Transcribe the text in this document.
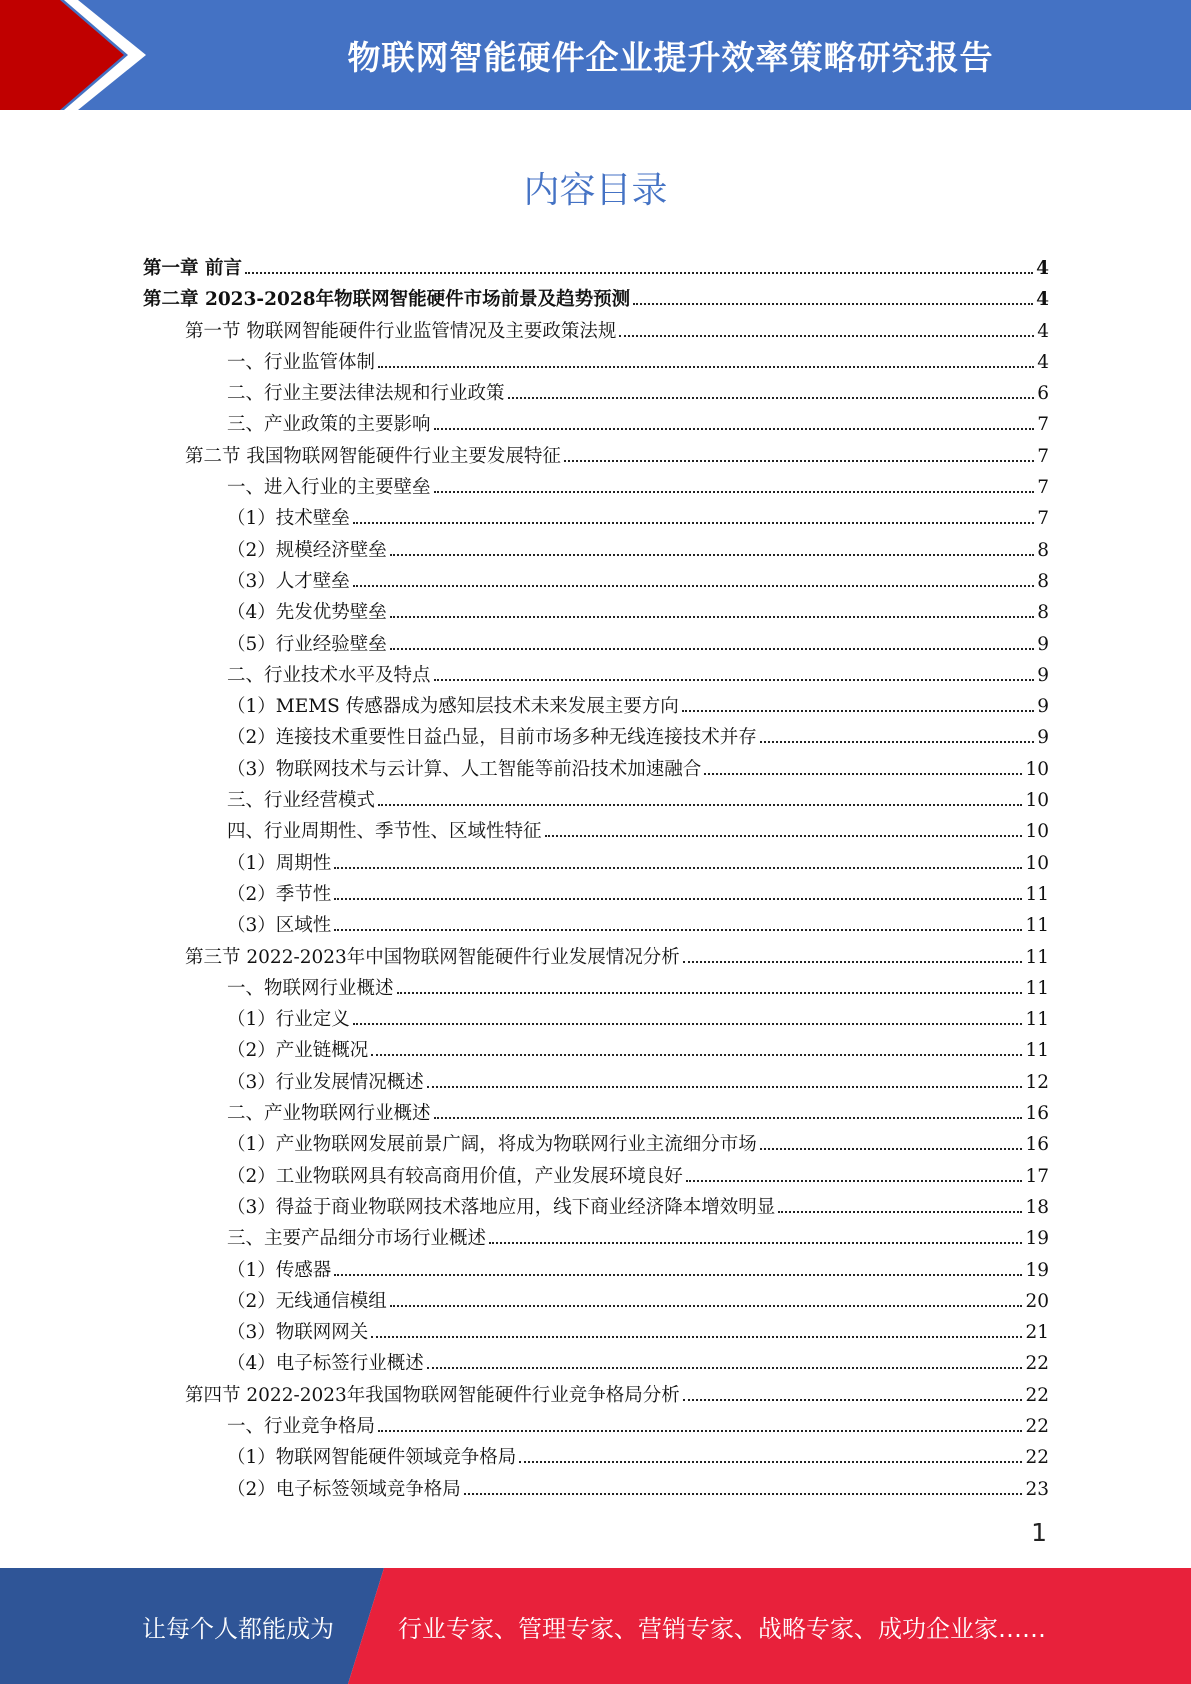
物联网智能硬件企业提升效率策略研究报告
内容目录
第一章 前言	4
第二章 2023-2028年物联网智能硬件市场前景及趋势预测	4
第一节 物联网智能硬件行业监管情况及主要政策法规	4
一、行业监管体制	4
二、行业主要法律法规和行业政策	6
三、产业政策的主要影响	7
第二节 我国物联网智能硬件行业主要发展特征	7
一、进入行业的主要壁垒	7
（1）技术壁垒	7
（2）规模经济壁垒	8
（3）人才壁垒	8
（4）先发优势壁垒	8
（5）行业经验壁垒	9
二、行业技术水平及特点	9
（1）MEMS 传感器成为感知层技术未来发展主要方向	9
（2）连接技术重要性日益凸显，目前市场多种无线连接技术并存	9
（3）物联网技术与云计算、人工智能等前沿技术加速融合	10
三、行业经营模式	10
四、行业周期性、季节性、区域性特征	10
（1）周期性	10
（2）季节性	11
（3）区域性	11
第三节 2022-2023年中国物联网智能硬件行业发展情况分析	11
一、物联网行业概述	11
（1）行业定义	11
（2）产业链概况	11
（3）行业发展情况概述	12
二、产业物联网行业概述	16
（1）产业物联网发展前景广阔，将成为物联网行业主流细分市场	16
（2）工业物联网具有较高商用价值，产业发展环境良好	17
（3）得益于商业物联网技术落地应用，线下商业经济降本增效明显	18
三、主要产品细分市场行业概述	19
（1）传感器	19
（2）无线通信模组	20
（3）物联网网关	21
（4）电子标签行业概述	22
第四节 2022-2023年我国物联网智能硬件行业竞争格局分析	22
一、行业竞争格局	22
（1）物联网智能硬件领域竞争格局	22
（2）电子标签领域竞争格局	23
1
让每个人都能成为	行业专家、管理专家、营销专家、战略专家、成功企业家……
